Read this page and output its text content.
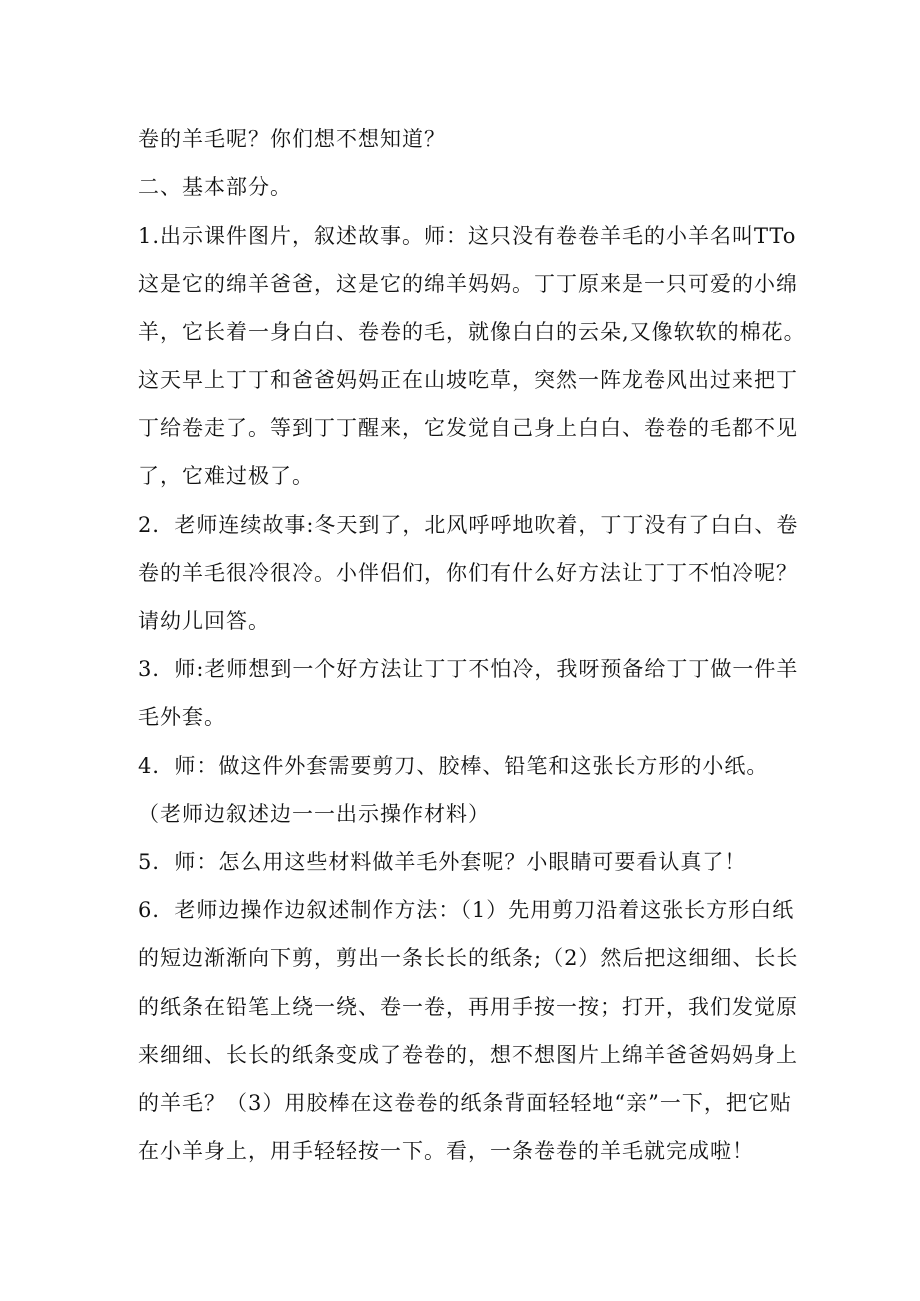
卷的羊毛呢？你们想不想知道？
二、基本部分。
1.出示课件图片，叙述故事。师：这只没有卷卷羊毛的小羊名叫TTo
这是它的绵羊爸爸，这是它的绵羊妈妈。丁丁原来是一只可爱的小绵
羊，它长着一身白白、卷卷的毛，就像白白的云朵,又像软软的棉花。
这天早上丁丁和爸爸妈妈正在山坡吃草，突然一阵龙卷风出过来把丁
丁给卷走了。等到丁丁醒来，它发觉自己身上白白、卷卷的毛都不见
了，它难过极了。
2．老师连续故事:冬天到了，北风呼呼地吹着，丁丁没有了白白、卷
卷的羊毛很冷很冷。小伴侣们，你们有什么好方法让丁丁不怕冷呢？
请幼儿回答。
3．师:老师想到一个好方法让丁丁不怕冷，我呀预备给丁丁做一件羊
毛外套。
4．师：做这件外套需要剪刀、胶棒、铅笔和这张长方形的小纸。
（老师边叙述边一一出示操作材料）
5．师：怎么用这些材料做羊毛外套呢？小眼睛可要看认真了！
6．老师边操作边叙述制作方法：（1）先用剪刀沿着这张长方形白纸
的短边渐渐向下剪，剪出一条长长的纸条;（2）然后把这细细、长长
的纸条在铅笔上绕一绕、卷一卷，再用手按一按；打开，我们发觉原
来细细、长长的纸条变成了卷卷的，想不想图片上绵羊爸爸妈妈身上
的羊毛？（3）用胶棒在这卷卷的纸条背面轻轻地“亲”一下，把它贴
在小羊身上，用手轻轻按一下。看，一条卷卷的羊毛就完成啦！
